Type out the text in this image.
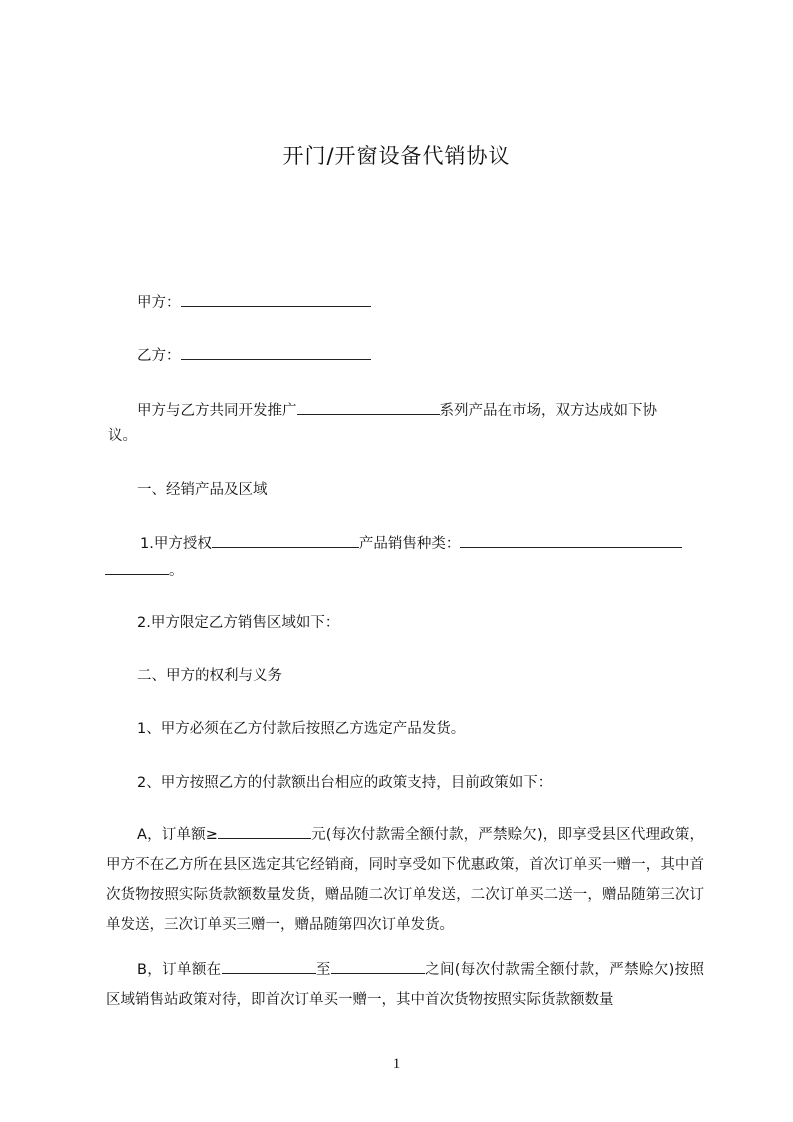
开门/开窗设备代销协议
甲方：
乙方：
甲方与乙方共同开发推广	系列产品在市场，双方达成如下协
议。
一、经销产品及区域
1.甲方授权	产品销售种类：
。
2.甲方限定乙方销售区域如下：
二、甲方的权利与义务
1、甲方必须在乙方付款后按照乙方选定产品发货。
2、甲方按照乙方的付款额出台相应的政策支持，目前政策如下：
A，订单额≥	元(每次付款需全额付款，严禁赊欠)，即享受县区代理政策，甲方不在乙方所在县区选定其它经销商，同时享受如下优惠政策，首次订单买一赠一，其中首次货物按照实际货款额数量发货，赠品随二次订单发送，二次订单买二送一，赠品随第三次订单发送，三次订单买三赠一，赠品随第四次订单发货。
B，订单额在	至	之间(每次付款需全额付款，严禁赊欠)按照区域销售站政策对待，即首次订单买一赠一，其中首次货物按照实际货款额数量
1
